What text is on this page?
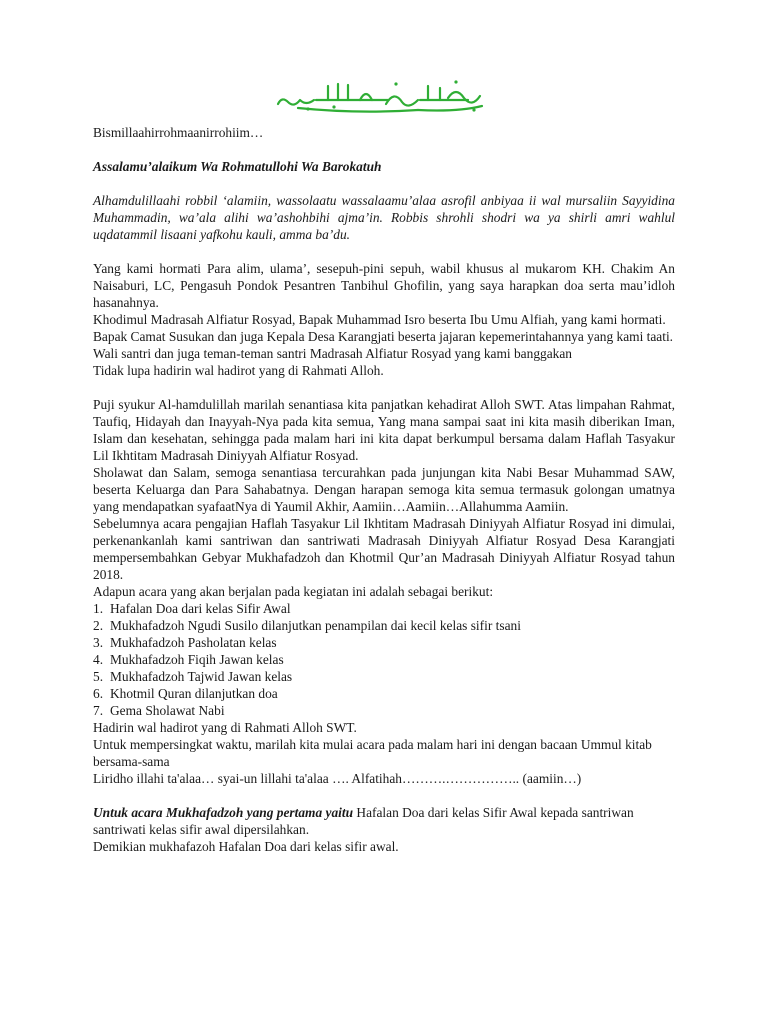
Bismillaahirrohmaanirrohiim…

Assalamu’alaikum Wa Rohmatullohi Wa Barokatuh

Alhamdulillaahi robbil ‘alamiin, wassolaatu wassalaamu’alaa asrofil anbiyaa ii wal mursaliin Sayyidina Muhammadin, wa’ala alihi wa’ashohbihi ajma’in. Robbis shrohli shodri wa ya shirli amri wahlul uqdatammil lisaani yafkohu kauli, amma ba’du.

Yang kami hormati Para alim, ulama’, sesepuh-pini sepuh, wabil khusus al mukarom KH. Chakim An Naisaburi, LC, Pengasuh Pondok Pesantren Tanbihul Ghofilin, yang saya harapkan doa serta mau’idloh hasanahnya.

Khodimul Madrasah Alfiatur Rosyad, Bapak Muhammad Isro beserta Ibu Umu Alfiah, yang kami hormati.

Bapak Camat Susukan dan juga Kepala Desa Karangjati beserta jajaran kepemerintahannya yang kami taati.

Wali santri dan juga teman-teman santri Madrasah Alfiatur Rosyad yang kami banggakan

Tidak lupa hadirin wal hadirot yang di Rahmati Alloh.

Puji syukur Al-hamdulillah marilah senantiasa kita panjatkan kehadirat Alloh SWT. Atas limpahan Rahmat, Taufiq, Hidayah dan Inayyah-Nya pada kita semua, Yang mana sampai saat ini kita masih diberikan Iman, Islam dan kesehatan, sehingga pada malam hari ini kita dapat berkumpul bersama dalam Haflah Tasyakur Lil Ikhtitam Madrasah Diniyyah Alfiatur Rosyad.

Sholawat dan Salam, semoga senantiasa tercurahkan pada junjungan kita Nabi Besar Muhammad SAW, beserta Keluarga dan Para Sahabatnya. Dengan harapan semoga kita semua termasuk golongan umatnya yang mendapatkan syafaatNya di Yaumil Akhir, Aamiin…Aamiin…Allahumma Aamiin.

Sebelumnya acara pengajian Haflah Tasyakur Lil Ikhtitam Madrasah Diniyyah Alfiatur Rosyad ini dimulai, perkenankanlah kami santriwan dan santriwati Madrasah Diniyyah Alfiatur Rosyad Desa Karangjati mempersembahkan Gebyar Mukhafadzoh dan Khotmil Qur’an Madrasah Diniyyah Alfiatur Rosyad tahun 2018.

Adapun acara yang akan berjalan pada kegiatan ini adalah sebagai berikut:

1. Hafalan Doa dari kelas Sifir Awal
2. Mukhafadzoh Ngudi Susilo dilanjutkan penampilan dai kecil kelas sifir tsani
3. Mukhafadzoh Pasholatan kelas
4. Mukhafadzoh Fiqih Jawan kelas
5. Mukhafadzoh Tajwid Jawan kelas
6. Khotmil Quran dilanjutkan doa
7. Gema Sholawat Nabi

Hadirin wal hadirot yang di Rahmati Alloh SWT.

Untuk mempersingkat waktu, marilah kita mulai acara pada malam hari ini dengan bacaan Ummul kitab bersama-sama

Liridho illahi ta'alaa… syai-un lillahi ta'alaa …. Alfatihah……….…………….. (aamiin…)

Untuk acara Mukhafadzoh yang pertama yaitu Hafalan Doa dari kelas Sifir Awal kepada santriwan santriwati kelas sifir awal dipersilahkan.

Demikian mukhafazoh Hafalan Doa dari kelas sifir awal.
